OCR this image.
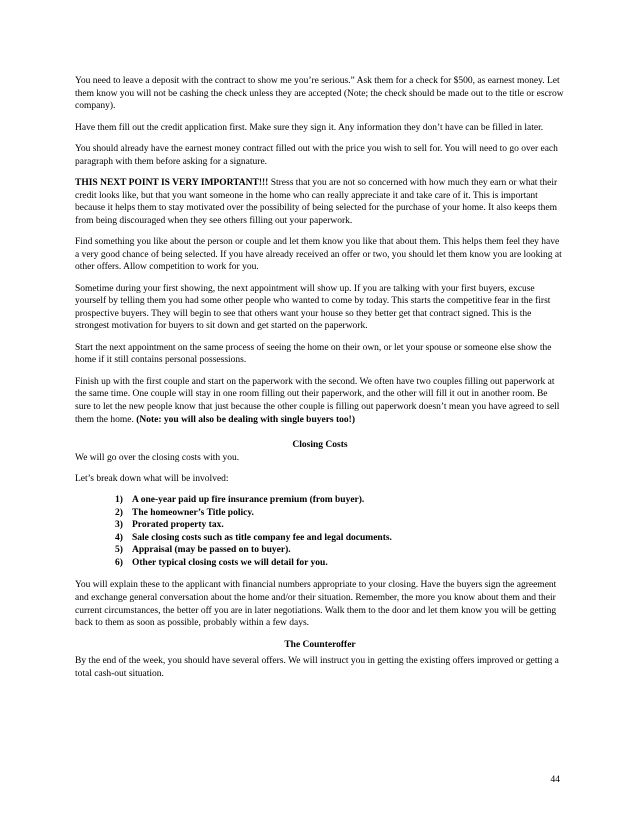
You need to leave a deposit with the contract to show me you’re serious.” Ask them for a check for $500, as earnest money. Let them know you will not be cashing the check unless they are accepted (Note; the check should be made out to the title or escrow company).

Have them fill out the credit application first. Make sure they sign it. Any information they don’t have can be filled in later.

You should already have the earnest money contract filled out with the price you wish to sell for. You will need to go over each paragraph with them before asking for a signature.

THIS NEXT POINT IS VERY IMPORTANT!!! Stress that you are not so concerned with how much they earn or what their credit looks like, but that you want someone in the home who can really appreciate it and take care of it. This is important because it helps them to stay motivated over the possibility of being selected for the purchase of your home. It also keeps them from being discouraged when they see others filling out your paperwork.

Find something you like about the person or couple and let them know you like that about them. This helps them feel they have a very good chance of being selected. If you have already received an offer or two, you should let them know you are looking at other offers. Allow competition to work for you.

Sometime during your first showing, the next appointment will show up. If you are talking with your first buyers, excuse yourself by telling them you had some other people who wanted to come by today. This starts the competitive fear in the first prospective buyers. They will begin to see that others want your house so they better get that contract signed. This is the strongest motivation for buyers to sit down and get started on the paperwork.

Start the next appointment on the same process of seeing the home on their own, or let your spouse or someone else show the home if it still contains personal possessions.

Finish up with the first couple and start on the paperwork with the second. We often have two couples filling out paperwork at the same time. One couple will stay in one room filling out their paperwork, and the other will fill it out in another room. Be sure to let the new people know that just because the other couple is filling out paperwork doesn’t mean you have agreed to sell them the home. (Note: you will also be dealing with single buyers too!)

Closing Costs

We will go over the closing costs with you.

Let’s break down what will be involved:

1) A one-year paid up fire insurance premium (from buyer).
2) The homeowner’s Title policy.
3) Prorated property tax.
4) Sale closing costs such as title company fee and legal documents.
5) Appraisal (may be passed on to buyer).
6) Other typical closing costs we will detail for you.

You will explain these to the applicant with financial numbers appropriate to your closing. Have the buyers sign the agreement and exchange general conversation about the home and/or their situation. Remember, the more you know about them and their current circumstances, the better off you are in later negotiations. Walk them to the door and let them know you will be getting back to them as soon as possible, probably within a few days.

The Counteroffer

By the end of the week, you should have several offers. We will instruct you in getting the existing offers improved or getting a total cash-out situation.

44
